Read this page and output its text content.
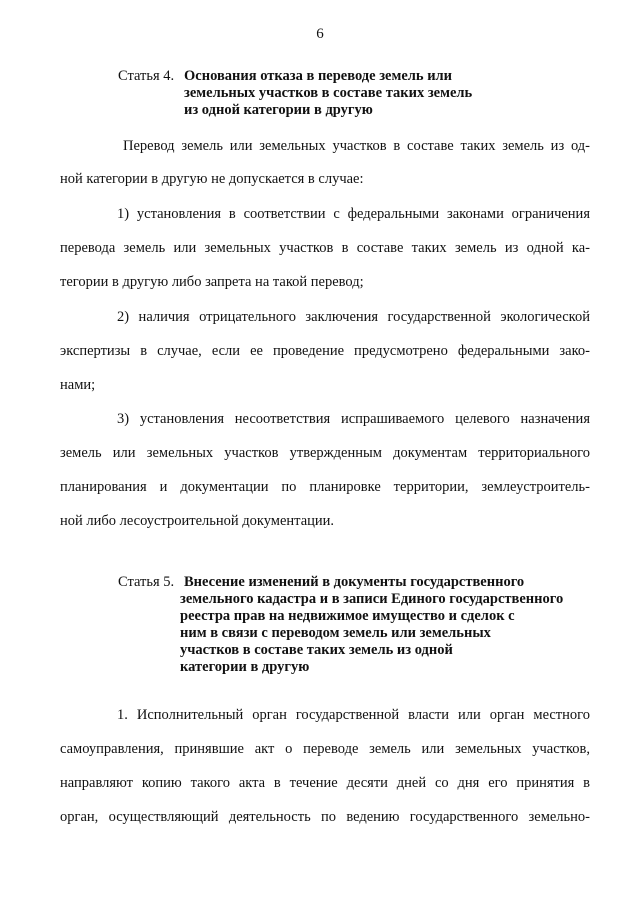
6
Статья 4. Основания отказа в переводе земель или
земельных участков в составе таких земель
из одной категории в другую
Перевод земель или земельных участков в составе таких земель из од-
ной категории в другую не допускается в случае:
1) установления в соответствии с федеральными законами ограничения
перевода земель или земельных участков в составе таких земель из одной ка-
тегории в другую либо запрета на такой перевод;
2) наличия отрицательного заключения государственной экологической
экспертизы в случае, если ее проведение предусмотрено федеральными зако-
нами;
3) установления несоответствия испрашиваемого целевого назначения
земель или земельных участков утвержденным документам территориального
планирования и документации по планировке территории, землеустроитель-
ной либо лесоустроительной документации.
Статья 5. Внесение изменений в документы государственного
земельного кадастра и в записи Единого государственного
реестра прав на недвижимое имущество и сделок с
ним в связи с переводом земель или земельных
участков в составе таких земель из одной
категории в другую
1. Исполнительный орган государственной власти или орган местного
самоуправления, принявшие акт о переводе земель или земельных участков,
направляют копию такого акта в течение десяти дней со дня его принятия в
орган, осуществляющий деятельность по ведению государственного земельно-
